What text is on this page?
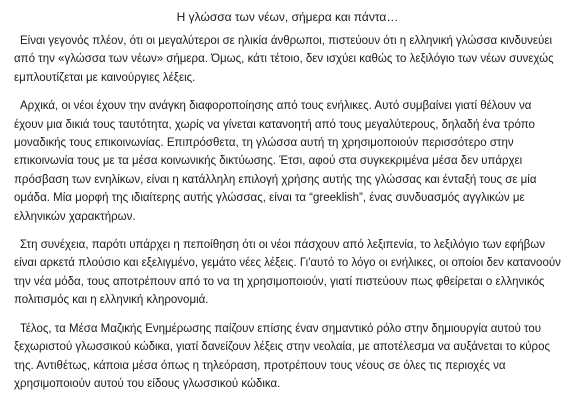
Η γλώσσα των νέων, σήμερα και πάντα…

Είναι γεγονός πλέον, ότι οι μεγαλύτεροι σε ηλικία άνθρωποι, πιστεύουν ότι η ελληνική γλώσσα κινδυνεύει από την «γλώσσα των νέων» σήμερα. Όμως, κάτι τέτοιο, δεν ισχύει καθώς το λεξιλόγιο των νέων συνεχώς εμπλουτίζεται με καινούργιες λέξεις.

Αρχικά, οι νέοι έχουν την ανάγκη διαφοροποίησης από τους ενήλικες. Αυτό συμβαίνει γιατί θέλουν να έχουν μια δικιά τους ταυτότητα, χωρίς να γίνεται κατανοητή από τους μεγαλύτερους, δηλαδή ένα τρόπο μοναδικής τους επικοινωνίας. Επιπρόσθετα, τη γλώσσα αυτή τη χρησιμοποιούν περισσότερο στην επικοινωνία τους με τα μέσα κοινωνικής δικτύωσης. Έτσι, αφού στα συγκεκριμένα μέσα δεν υπάρχει πρόσβαση των ενηλίκων, είναι η κατάλληλη επιλογή χρήσης αυτής της γλώσσας και ένταξή τους σε μία ομάδα. Μία μορφή της ιδιαίτερης αυτής γλώσσας, είναι τα “greeklish”, ένας συνδυασμός αγγλικών με ελληνικών χαρακτήρων.

Στη συνέχεια, παρότι υπάρχει η πεποίθηση ότι οι νέοι πάσχουν από λεξιπενία, το λεξιλόγιο των εφήβων είναι αρκετά πλούσιο και εξελιγμένο, γεμάτο νέες λέξεις. Γι'αυτό το λόγο οι ενήλικες, οι οποίοι δεν κατανοούν την νέα μόδα, τους αποτρέπουν από το να τη χρησιμοποιούν, γιατί πιστεύουν πως φθείρεται ο ελληνικός πολιτισμός και η ελληνική κληρονομιά.

Τέλος, τα Μέσα Μαζικής Ενημέρωσης παίζουν επίσης έναν σημαντικό ρόλο στην δημιουργία αυτού του ξεχωριστού γλωσσικού κώδικα, γιατί δανείζουν λέξεις στην νεολαία, με αποτέλεσμα να αυξάνεται το κύρος της. Αντιθέτως, κάποια μέσα όπως η τηλεόραση, προτρέπουν τους νέους σε όλες τις περιοχές να χρησιμοποιούν αυτού του είδους γλωσσικού κώδικα.
